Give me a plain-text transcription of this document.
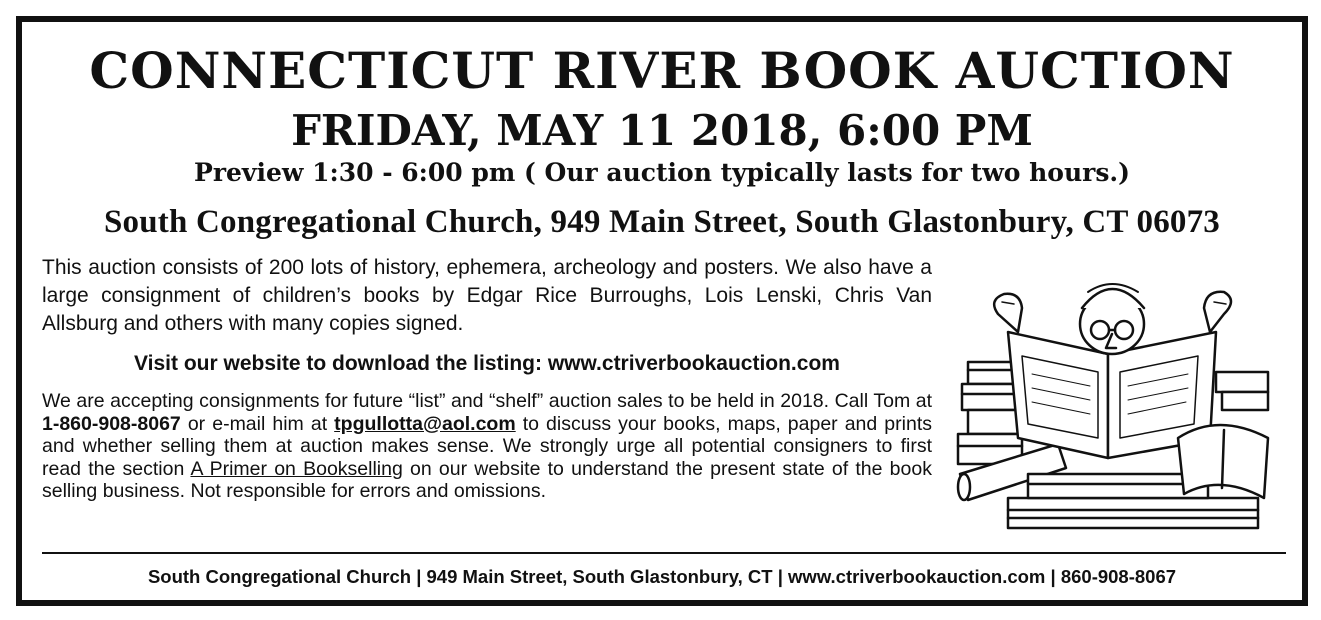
CONNECTICUT RIVER BOOK AUCTION
FRIDAY, MAY 11 2018, 6:00 PM
Preview 1:30 - 6:00 pm ( Our auction typically lasts for two hours.)
South Congregational Church, 949 Main Street, South Glastonbury, CT 06073
This auction consists of 200 lots of history, ephemera, archeology and posters. We also have a large consignment of children’s books by Edgar Rice Burroughs, Lois Lenski, Chris Van Allsburg and others with many copies signed.
Visit our website to download the listing: www.ctriverbookauction.com
We are accepting consignments for future “list” and “shelf” auction sales to be held in 2018. Call Tom at 1-860-908-8067 or e-mail him at tpgullotta@aol.com to discuss your books, maps, paper and prints and whether selling them at auction makes sense. We strongly urge all potential consigners to first read the section A Primer on Bookselling on our website to understand the present state of the book selling business. Not responsible for errors and omissions.
South Congregational Church | 949 Main Street, South Glastonbury, CT | www.ctriverbookauction.com | 860-908-8067
